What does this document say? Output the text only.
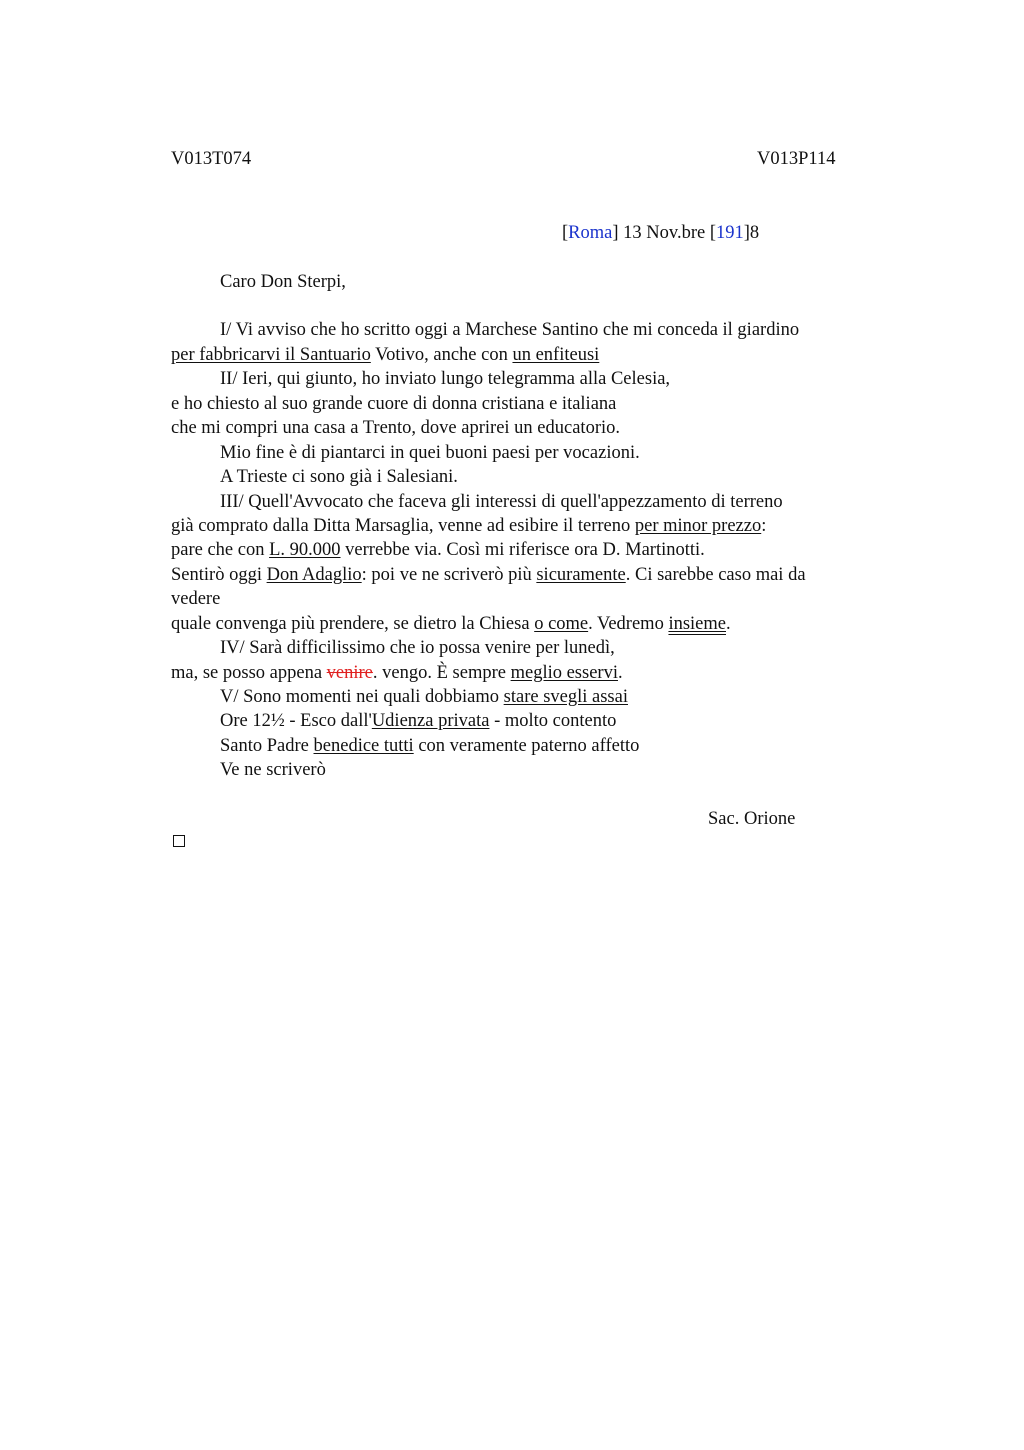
V013T074	V013P114
[Roma] 13 Nov.bre [191]8
Caro Don Sterpi,
I/ Vi avviso che ho scritto oggi a Marchese Santino che mi conceda il giardino
per fabbricarvi il Santuario Votivo, anche con un enfiteusi
II/ Ieri, qui giunto, ho inviato lungo telegramma alla Celesia,
e ho chiesto al suo grande cuore di donna cristiana e italiana
che mi compri una casa a Trento, dove aprirei un educatorio.
Mio fine è di piantarci in quei buoni paesi per vocazioni.
A Trieste ci sono già i Salesiani.
III/ Quell'Avvocato che faceva gli interessi di quell'appezzamento di terreno
già comprato dalla Ditta Marsaglia, venne ad esibire il terreno per minor prezzo:
pare che con L. 90.000 verrebbe via. Così mi riferisce ora D. Martinotti.
Sentirò oggi Don Adaglio: poi ve ne scriverò più sicuramente. Ci sarebbe caso mai da
vedere
quale convenga più prendere, se dietro la Chiesa o come. Vedremo insieme.
IV/ Sarà difficilissimo che io possa venire per lunedì,
ma, se posso appena venire. vengo. È sempre meglio esservi.
V/ Sono momenti nei quali dobbiamo stare svegli assai
Ore 12½ - Esco dall'Udienza privata - molto contento
Santo Padre benedice tutti con veramente paterno affetto
Ve ne scriverò
Sac. Orione
